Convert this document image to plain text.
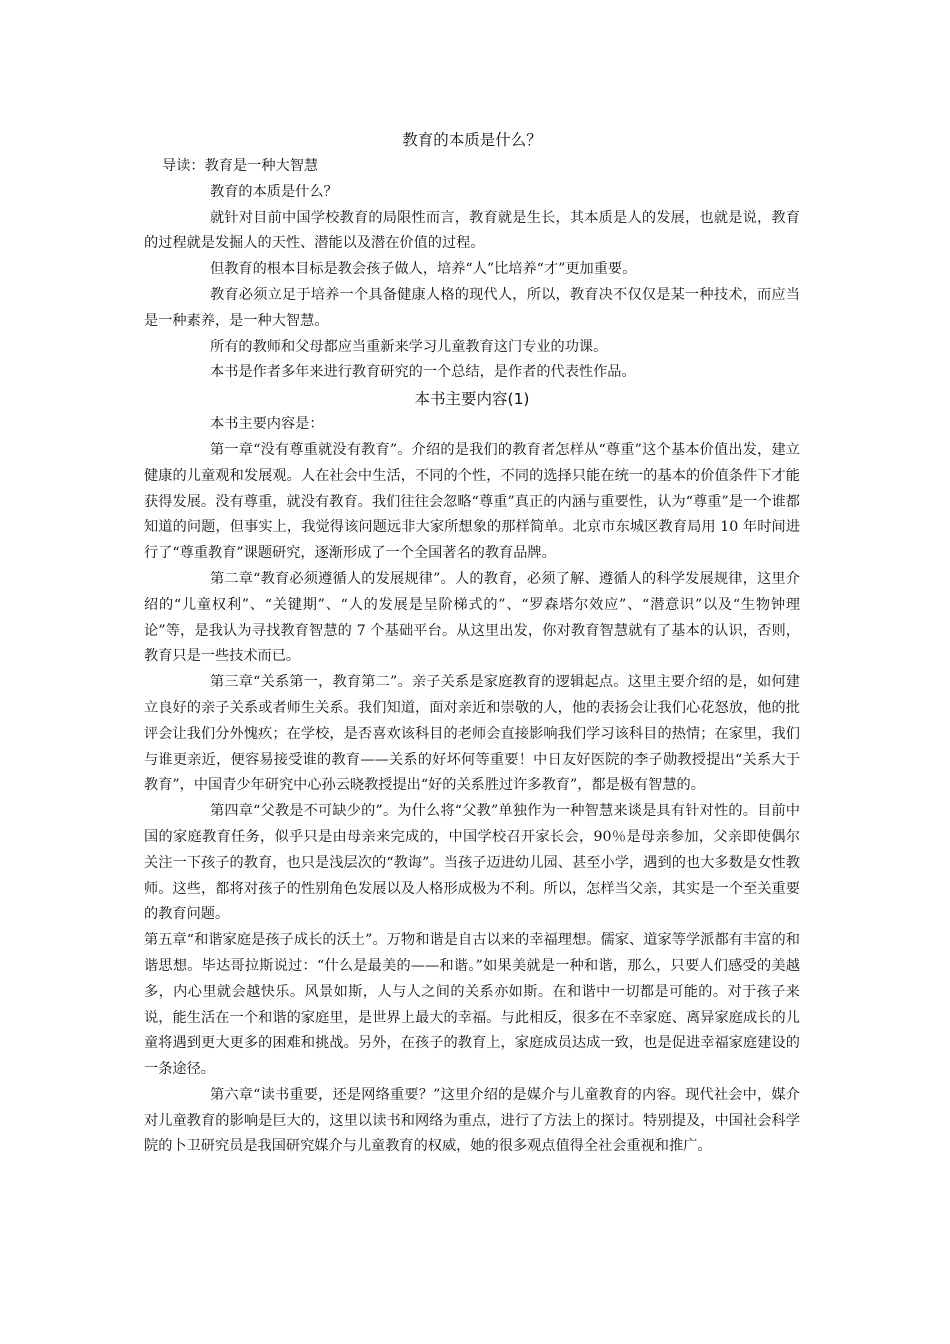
教育的本质是什么？

导读：教育是一种大智慧

教育的本质是什么？

就针对目前中国学校教育的局限性而言，教育就是生长，其本质是人的发展，也就是说，教育的过程就是发掘人的天性、潜能以及潜在价值的过程。

但教育的根本目标是教会孩子做人，培养“人”比培养“才”更加重要。

教育必须立足于培养一个具备健康人格的现代人，所以，教育决不仅仅是某一种技术，而应当是一种素养，是一种大智慧。

所有的教师和父母都应当重新来学习儿童教育这门专业的功课。

本书是作者多年来进行教育研究的一个总结，是作者的代表性作品。

本书主要内容(1)

本书主要内容是：

第一章“没有尊重就没有教育”。介绍的是我们的教育者怎样从“尊重”这个基本价值出发，建立健康的儿童观和发展观。人在社会中生活，不同的个性，不同的选择只能在统一的基本的价值条件下才能获得发展。没有尊重，就没有教育。我们往往会忽略“尊重”真正的内涵与重要性，认为“尊重”是一个谁都知道的问题，但事实上，我觉得该问题远非大家所想象的那样简单。北京市东城区教育局用 10 年时间进行了“尊重教育”课题研究，逐渐形成了一个全国著名的教育品牌。

第二章“教育必须遵循人的发展规律”。人的教育，必须了解、遵循人的科学发展规律，这里介绍的“儿童权利”、“关键期”、“人的发展是呈阶梯式的”、“罗森塔尔效应”、“潜意识”以及“生物钟理论”等，是我认为寻找教育智慧的 7 个基础平台。从这里出发，你对教育智慧就有了基本的认识，否则，教育只是一些技术而已。

第三章“关系第一，教育第二”。亲子关系是家庭教育的逻辑起点。这里主要介绍的是，如何建立良好的亲子关系或者师生关系。我们知道，面对亲近和崇敬的人，他的表扬会让我们心花怒放，他的批评会让我们分外愧疚；在学校，是否喜欢该科目的老师会直接影响我们学习该科目的热情；在家里，我们与谁更亲近，便容易接受谁的教育——关系的好坏何等重要！中日友好医院的李子勋教授提出“关系大于教育”，中国青少年研究中心孙云晓教授提出“好的关系胜过许多教育”，都是极有智慧的。

第四章“父教是不可缺少的”。为什么将“父教”单独作为一种智慧来谈是具有针对性的。目前中国的家庭教育任务，似乎只是由母亲来完成的，中国学校召开家长会，90％是母亲参加，父亲即使偶尔关注一下孩子的教育，也只是浅层次的“教诲”。当孩子迈进幼儿园、甚至小学，遇到的也大多数是女性教师。这些，都将对孩子的性别角色发展以及人格形成极为不利。所以，怎样当父亲，其实是一个至关重要的教育问题。

第五章“和谐家庭是孩子成长的沃土”。万物和谐是自古以来的幸福理想。儒家、道家等学派都有丰富的和谐思想。毕达哥拉斯说过：“什么是最美的——和谐。”如果美就是一种和谐，那么，只要人们感受的美越多，内心里就会越快乐。风景如斯，人与人之间的关系亦如斯。在和谐中一切都是可能的。对于孩子来说，能生活在一个和谐的家庭里，是世界上最大的幸福。与此相反，很多在不幸家庭、离异家庭成长的儿童将遇到更大更多的困难和挑战。另外，在孩子的教育上，家庭成员达成一致，也是促进幸福家庭建设的一条途径。

第六章“读书重要，还是网络重要？”这里介绍的是媒介与儿童教育的内容。现代社会中，媒介对儿童教育的影响是巨大的，这里以读书和网络为重点，进行了方法上的探讨。特别提及，中国社会科学院的卜卫研究员是我国研究媒介与儿童教育的权威，她的很多观点值得全社会重视和推广。
